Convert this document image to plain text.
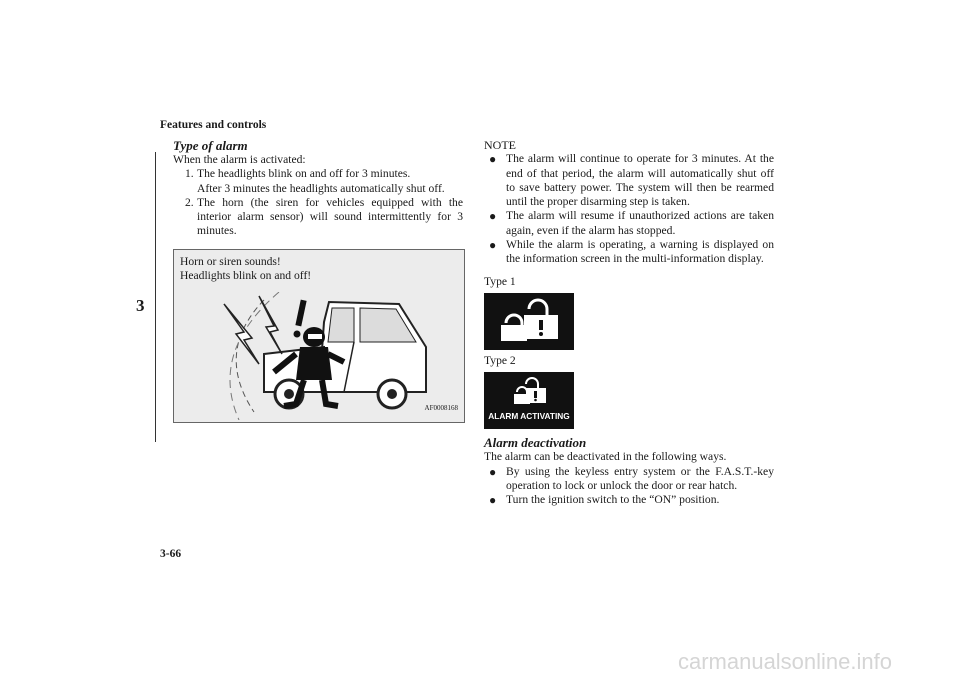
Features and controls
3
Type of alarm
When the alarm is activated:
1. The headlights blink on and off for 3 minutes.
After 3 minutes the headlights automatically shut off.
2. The horn (the siren for vehicles equipped with the interior alarm sensor) will sound intermittently for 3 minutes.
Horn or siren sounds!
Headlights blink on and off!
AF0008168
NOTE
● The alarm will continue to operate for 3 minutes. At the end of that period, the alarm will automatically shut off to save battery power. The system will then be rearmed until the proper disarming step is taken.
● The alarm will resume if unauthorized actions are taken again, even if the alarm has stopped.
● While the alarm is operating, a warning is displayed on the information screen in the multi-information display.
Type 1
Type 2
ALARM ACTIVATING
Alarm deactivation
The alarm can be deactivated in the following ways.
● By using the keyless entry system or the F.A.S.T.-key operation to lock or unlock the door or rear hatch.
● Turn the ignition switch to the “ON” position.
3-66
carmanualsonline.info
